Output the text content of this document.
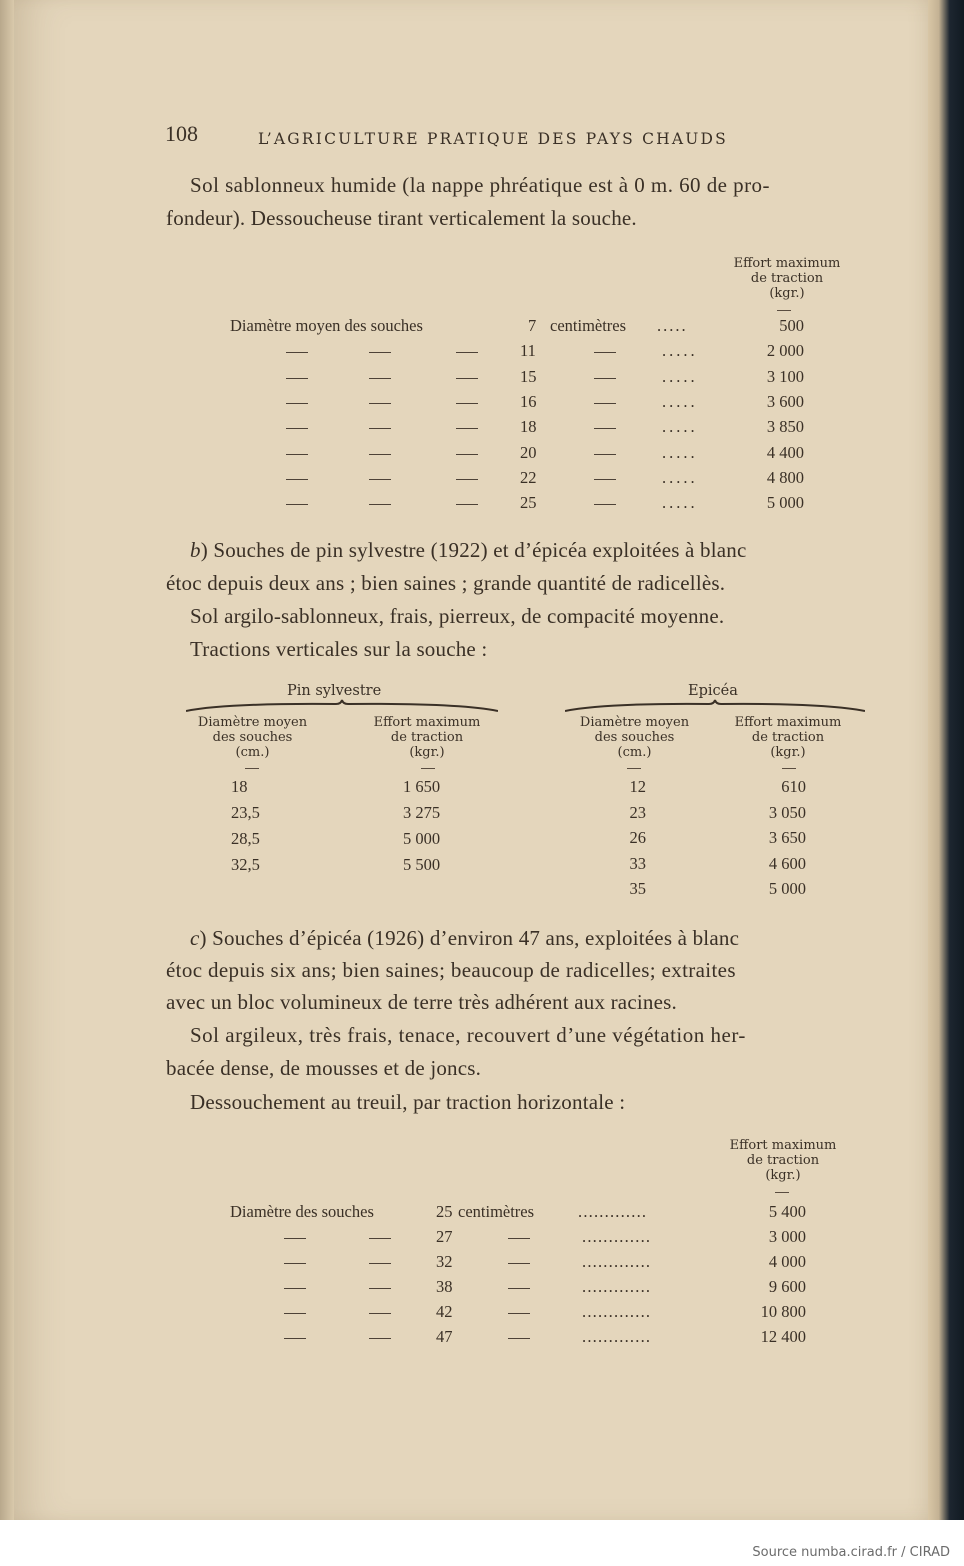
108	L’AGRICULTURE PRATIQUE DES PAYS CHAUDS
Sol sablonneux humide (la nappe phréatique est à 0 m. 60 de pro-
fondeur). Dessoucheuse tirant verticalement la souche.
Effort maximum
de traction
(kgr.)
Diamètre moyen des souches	7 centimètres .....	500
11	.....	2 000
15	.....	3 100
16	.....	3 600
18	.....	3 850
20	.....	4 400
22	.....	4 800
25	.....	5 000
b) Souches de pin sylvestre (1922) et d’épicéa exploitées à blanc
étoc depuis deux ans ; bien saines ; grande quantité de radicellès.
Sol argilo-sablonneux, frais, pierreux, de compacité moyenne.
Tractions verticales sur la souche :
Pin sylvestre
Diamètre moyen
des souches
(cm.)
Effort maximum
de traction
(kgr.)
Epicéa
Diamètre moyen
des souches
(cm.)
Effort maximum
de traction
(kgr.)
18	1 650
23,5	3 275
28,5	5 000
32,5	5 500
12	610
23	3 050
26	3 650
33	4 600
35	5 000
c) Souches d’épicéa (1926) d’environ 47 ans, exploitées à blanc
étoc depuis six ans; bien saines; beaucoup de radicelles; extraites
avec un bloc volumineux de terre très adhérent aux racines.
Sol argileux, très frais, tenace, recouvert d’une végétation her-
bacée dense, de mousses et de joncs.
Dessouchement au treuil, par traction horizontale :
Effort maximum
de traction
(kgr.)
Diamètre des souches	25 centimètres	.............	5 400
27	.............	3 000
32	.............	4 000
38	.............	9 600
42	.............	10 800
47	.............	12 400
Source numba.cirad.fr / CIRAD
